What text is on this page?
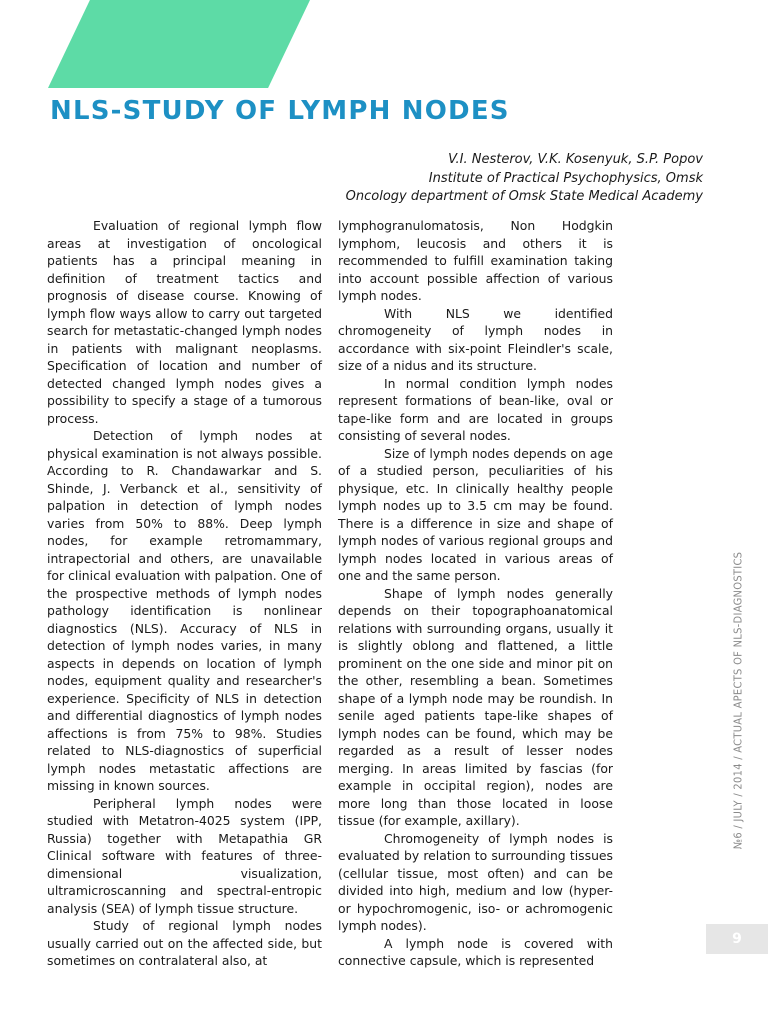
NLS-STUDY OF LYMPH NODES
V.I. Nesterov, V.K. Kosenyuk, S.P. Popov
Institute of Practical Psychophysics, Omsk
Oncology department of Omsk State Medical Academy

Evaluation of regional lymph flow areas at investigation of oncological patients has a principal meaning in definition of treatment tactics and prognosis of disease course. Knowing of lymph flow ways allow to carry out targeted search for metastatic-changed lymph nodes in patients with malignant neoplasms. Specification of location and number of detected changed lymph nodes gives a possibility to specify a stage of a tumorous process.

Detection of lymph nodes at physical examination is not always possible. According to R. Chandawarkar and S. Shinde, J. Verbanck et al., sensitivity of palpation in detection of lymph nodes varies from 50% to 88%. Deep lymph nodes, for example retromammary, intrapectorial and others, are unavailable for clinical evaluation with palpation. One of the prospective methods of lymph nodes pathology identification is nonlinear diagnostics (NLS). Accuracy of NLS in detection of lymph nodes varies, in many aspects in depends on location of lymph nodes, equipment quality and researcher's experience. Specificity of NLS in detection and differential diagnostics of lymph nodes affections is from 75% to 98%. Studies related to NLS-diagnostics of superficial lymph nodes metastatic affections are missing in known sources.

Peripheral lymph nodes were studied with Metatron-4025 system (IPP, Russia) together with Metapathia GR Clinical software with features of three-dimensional visualization, ultramicroscanning and spectral-entropic analysis (SEA) of lymph tissue structure.

Study of regional lymph nodes usually carried out on the affected side, but sometimes on contralateral also, at

lymphogranulomatosis, Non Hodgkin lymphom, leucosis and others it is recommended to fulfill examination taking into account possible affection of various lymph nodes.

With NLS we identified chromogeneity of lymph nodes in accordance with six-point Fleindler's scale, size of a nidus and its structure.

In normal condition lymph nodes represent formations of bean-like, oval or tape-like form and are located in groups consisting of several nodes.

Size of lymph nodes depends on age of a studied person, peculiarities of his physique, etc. In clinically healthy people lymph nodes up to 3.5 cm may be found. There is a difference in size and shape of lymph nodes of various regional groups and lymph nodes located in various areas of one and the same person.

Shape of lymph nodes generally depends on their topographoanatomical relations with surrounding organs, usually it is slightly oblong and flattened, a little prominent on the one side and minor pit on the other, resembling a bean. Sometimes shape of a lymph node may be roundish. In senile aged patients tape-like shapes of lymph nodes can be found, which may be regarded as a result of lesser nodes merging. In areas limited by fascias (for example in occipital region), nodes are more long than those located in loose tissue (for example, axillary).

Chromogeneity of lymph nodes is evaluated by relation to surrounding tissues (cellular tissue, most often) and can be divided into high, medium and low (hyper- or hypochromogenic, iso- or achromogenic lymph nodes).

A lymph node is covered with connective capsule, which is represented

№6 / JULY / 2014 / ACTUAL APECTS OF NLS-DIAGNOSTICS
9
